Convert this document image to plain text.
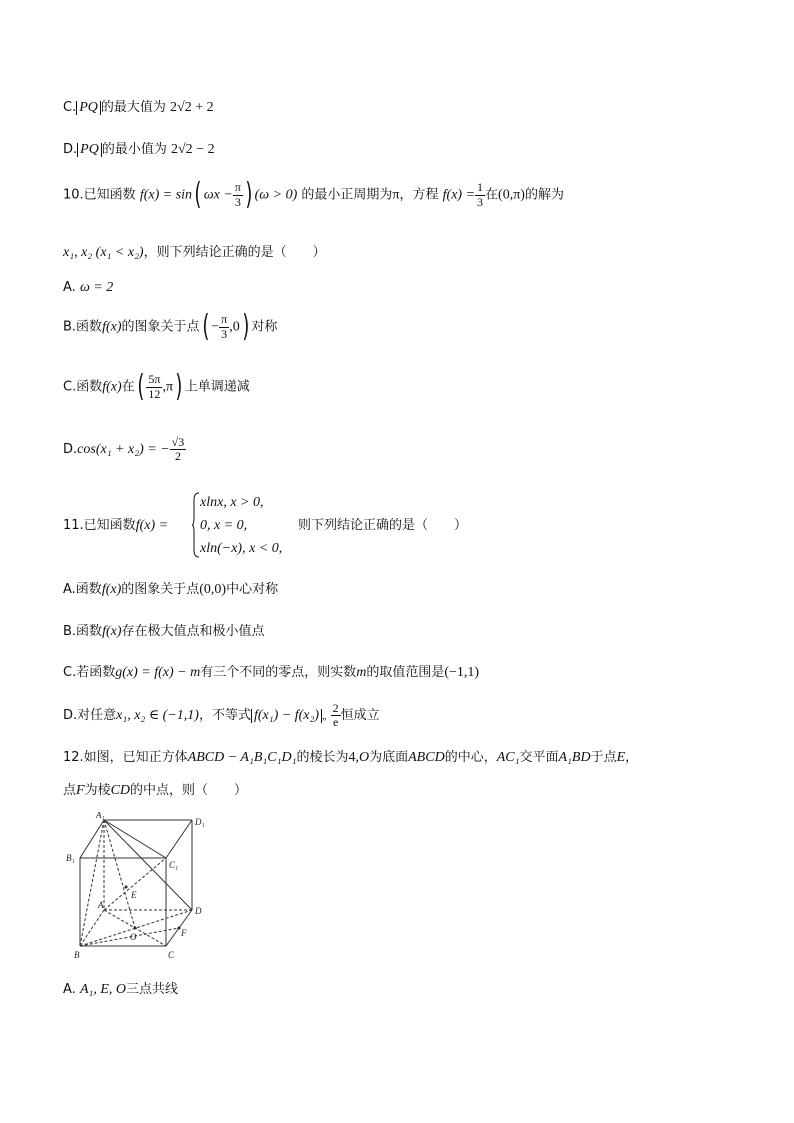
C. PQ 的最大值为 2√2 + 2
D. PQ 的最小值为 2√2 − 2
10.已知函数 f(x) = sin( $\omega x - \frac{\pi}{3}$ ) (ω > 0) 的最小正周期为π，方程 $f(x) = \frac{1}{3}$ 在(0,π)的解为
x₁, x₂ (x₁ < x₂)，则下列结论正确的是（　　）
A. ω = 2
B.函数f(x)的图象关于点( − $\frac{\pi}{3} ,0$) 对称
C.函数f(x)在( $\frac{5\pi}{12} ,\pi$) 上单调递减
D.cos(x₁ + x₂) = − $\frac{√3}{2}$
11.已知函数f(x) =
xlnx, x > 0,
0, x = 0,
xln(−x), x < 0,
则下列结论正确的是（　　）
A.函数f(x)的图象关于点(0,0)中心对称
B.函数f(x)存在极大值点和极小值点
C.若函数g(x) = f(x) − m有三个不同的零点，则实数m的取值范围是(−1,1)
D.对任意x₁, x₂ ∈ (−1,1)，不等式 f(x₁) − f(x₂) „ $\frac{2}{e}$ 恒成立
12.如图，已知正方体ABCD − A₁B₁C₁D₁的棱长为4,O为底面ABCD的中心，AC₁交平面A₁BD于点E，
点F为棱CD的中点，则（　　）
A₁
D₁
B₁
C₁
A
D
E
O	F
B	C
A. A₁, E, O三点共线
